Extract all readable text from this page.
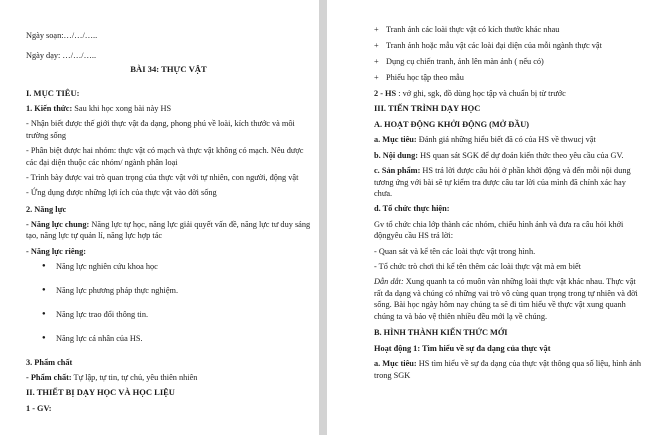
Ngày soạn:…/…/…..

Ngày dạy: …/…/…..

BÀI 34: THỰC VẬT

I. MỤC TIÊU:

1. Kiến thức: Sau khi học xong bài này HS

- Nhận biết được thế giới thực vật đa dạng, phong phú về loài, kích thước và môi trường sống

- Phân biệt được hai nhóm: thực vật có mạch và thực vật không có mạch. Nêu được các đại diện thuộc các nhóm/ ngành phân loại

- Trình bày được vai trò quan trọng của thực vật với tự nhiên, con người, động vật

- Ứng dụng được những lợi ích của thực vật vào đời sống

2. Năng lực

- Năng lực chung: Năng lực tự học, năng lực giải quyết vấn đề, năng lực tư duy sáng tạo, năng lực tự quản lí, năng lực hợp tác

- Năng lực riêng:

● Năng lực nghiên cứu khoa học
● Năng lực phương pháp thực nghiệm.
● Năng lực trao đổi thông tin.
● Năng lực cá nhân của HS.

3. Phẩm chất

- Phẩm chất: Tự lập, tự tin, tự chủ, yêu thiên nhiên

II. THIẾT BỊ DẠY HỌC VÀ HỌC LIỆU

1 - GV:

+ Tranh ảnh các loài thực vật có kích thước khác nhau
+ Tranh ảnh hoặc mẫu vật các loài đại diện của mỗi ngành thực vật
+ Dụng cụ chiến tranh, ảnh lên màn ảnh ( nếu có)
+ Phiếu học tập theo mẫu

2 - HS : vở ghi, sgk, đồ dùng học tập và chuẩn bị từ trước

III. TIẾN TRÌNH DẠY HỌC

A. HOẠT ĐỘNG KHỞI ĐỘNG (MỞ ĐẦU)

a. Mục tiêu: Đánh giá những hiểu biết đã có của HS về thwucj vật

b. Nội dung: HS quan sát SGK để dự đoán kiến thức theo yêu cầu của GV.

c. Sản phẩm: HS trả lời được câu hỏi ở phần khởi động và đến mỗi nội dung tương ứng với bài sẽ tự kiểm tra được câu tar lời của mình đã chính xác hay chưa.

d. Tổ chức thực hiện:

Gv tổ chức chia lớp thành các nhóm, chiếu hình ảnh và đưa ra câu hỏi khởi độngyêu cầu HS trả lời:

- Quan sát và kể tên các loài thực vật trong hình.

- Tổ chức trò chơi thi kể tên thêm các loài thực vật mà em biết

Dẫn dắt: Xung quanh ta có muôn vàn những loài thực vật khác nhau. Thực vật rất đa dạng và chúng có những vai trò vô cùng quan trọng trong tự nhiên và đời sống. Bài học ngày hôm nay chúng ta sẽ đi tìm hiểu về thực vật xung quanh chúng ta và bảo vệ thiên nhiều đều mới lạ về chúng.

B. HÌNH THÀNH KIẾN THỨC MỚI

Hoạt động 1: Tìm hiểu về sự đa dạng của thực vật

a. Mục tiêu: HS tìm hiểu về sự đa dạng của thực vật thông qua số liệu, hình ảnh trong SGK
